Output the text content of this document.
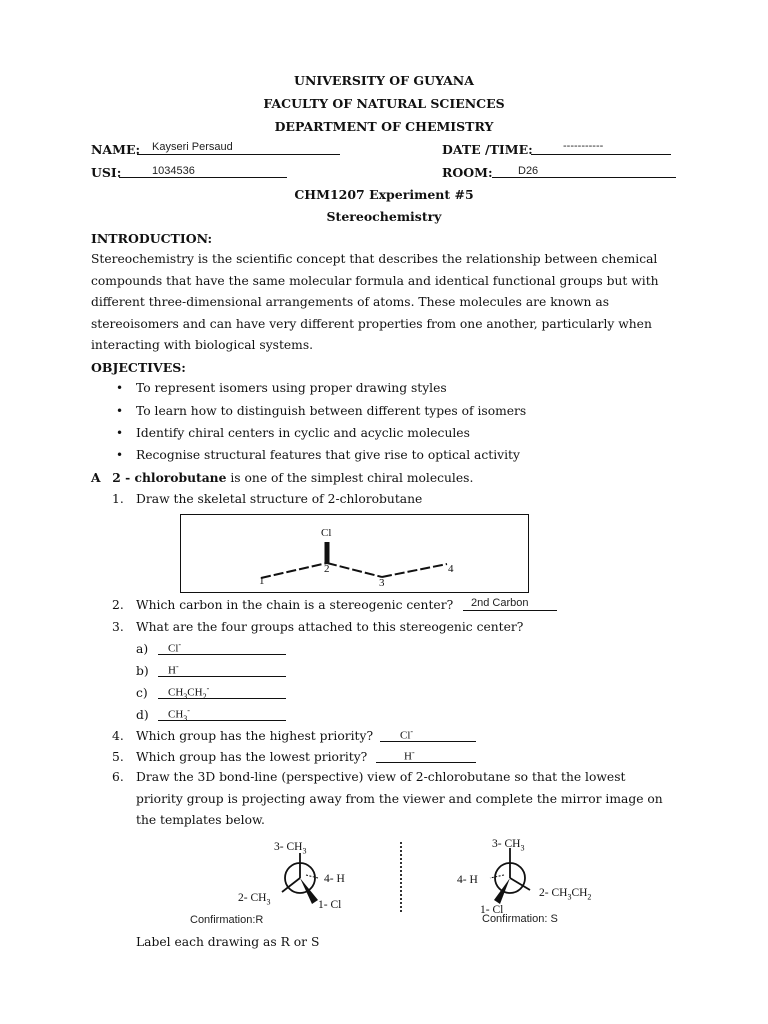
UNIVERSITY OF GUYANA
FACULTY OF NATURAL SCIENCES
DEPARTMENT OF CHEMISTRY
NAME: Kayseri Persaud	DATE /TIME:	-----------
USI:	1034536	ROOM: D26
CHM1207 Experiment #5
Stereochemistry
INTRODUCTION:
Stereochemistry is the scientific concept that describes the relationship between chemical
compounds that have the same molecular formula and identical functional groups but with
different three-dimensional arrangements of atoms. These molecules are known as
stereoisomers and can have very different properties from one another, particularly when
interacting with biological systems.
OBJECTIVES:
• To represent isomers using proper drawing styles
• To learn how to distinguish between different types of isomers
• Identify chiral centers in cyclic and acyclic molecules
• Recognise structural features that give rise to optical activity
A 2 - chlorobutane is one of the simplest chiral molecules.
1. Draw the skeletal structure of 2-chlorobutane
Cl
1
2
3
4
2. Which carbon in the chain is a stereogenic center? 2nd Carbon
3. What are the four groups attached to this stereogenic center?
a) Cl-
b) H-
c) $CH_3CH_2^-$
d) $CH_3^-$
4. Which group has the highest priority? Cl-
5. Which group has the lowest priority?	H-
6. Draw the 3D bond-line (perspective) view of 2-chlorobutane so that the lowest
priority group is projecting away from the viewer and complete the mirror image on
the templates below.
3- $CH_3$
4- H
2- $CH_3$	1- Cl
Confirmation:R
3- $CH_3$
4- H
2- $CH_3CH_2$
1- Cl
Confirmation: S
Label each drawing as R or S
